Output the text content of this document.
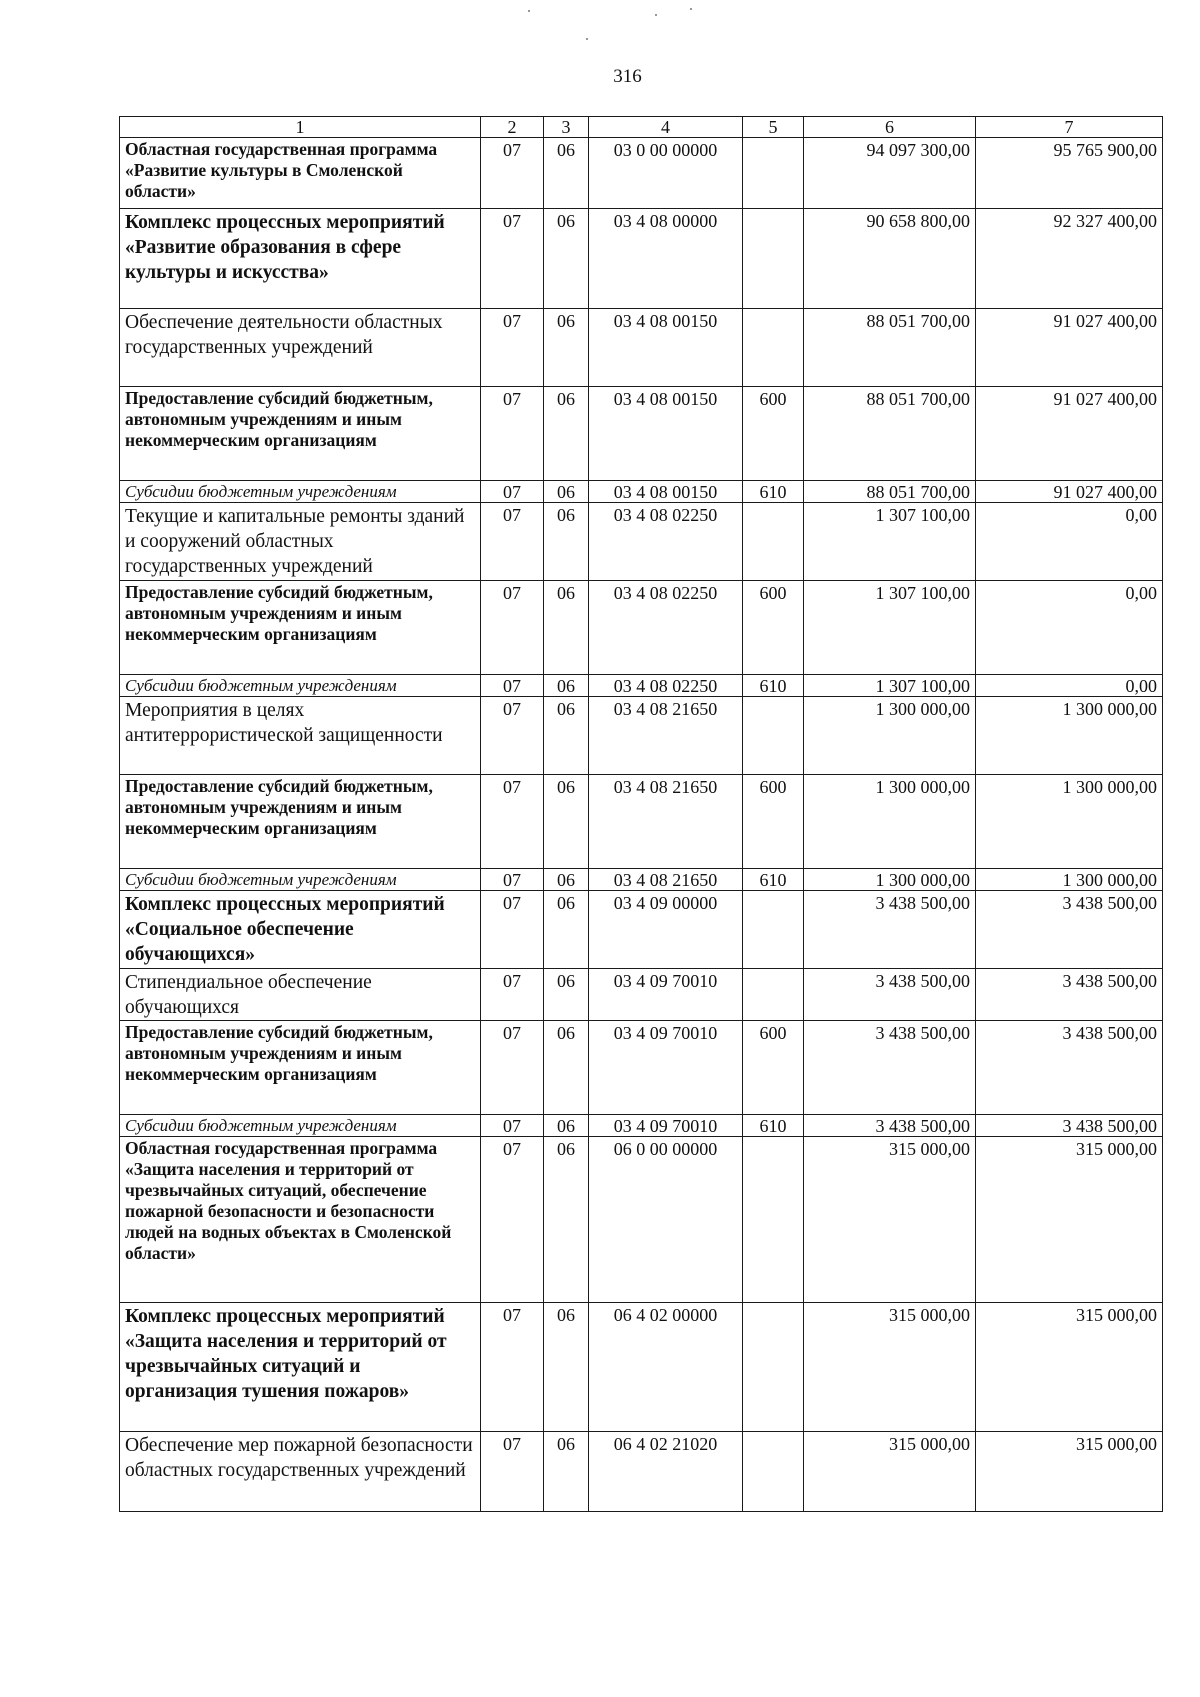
316
1	2	3	4	5	6	7
Областная государственная программа «Развитие культуры в Смоленской области»	07	06	03 0 00 00000		94 097 300,00	95 765 900,00
Комплекс процессных мероприятий «Развитие образования в сфере культуры и искусства»	07	06	03 4 08 00000		90 658 800,00	92 327 400,00
Обеспечение деятельности областных государственных учреждений	07	06	03 4 08 00150		88 051 700,00	91 027 400,00
Предоставление субсидий бюджетным, автономным учреждениям и иным некоммерческим организациям	07	06	03 4 08 00150	600	88 051 700,00	91 027 400,00
Субсидии бюджетным учреждениям	07	06	03 4 08 00150	610	88 051 700,00	91 027 400,00
Текущие и капитальные ремонты зданий и сооружений областных государственных учреждений	07	06	03 4 08 02250		1 307 100,00	0,00
Предоставление субсидий бюджетным, автономным учреждениям и иным некоммерческим организациям	07	06	03 4 08 02250	600	1 307 100,00	0,00
Субсидии бюджетным учреждениям	07	06	03 4 08 02250	610	1 307 100,00	0,00
Мероприятия в целях антитеррористической защищенности	07	06	03 4 08 21650		1 300 000,00	1 300 000,00
Предоставление субсидий бюджетным, автономным учреждениям и иным некоммерческим организациям	07	06	03 4 08 21650	600	1 300 000,00	1 300 000,00
Субсидии бюджетным учреждениям	07	06	03 4 08 21650	610	1 300 000,00	1 300 000,00
Комплекс процессных мероприятий «Социальное обеспечение обучающихся»	07	06	03 4 09 00000		3 438 500,00	3 438 500,00
Стипендиальное обеспечение обучающихся	07	06	03 4 09 70010		3 438 500,00	3 438 500,00
Предоставление субсидий бюджетным, автономным учреждениям и иным некоммерческим организациям	07	06	03 4 09 70010	600	3 438 500,00	3 438 500,00
Субсидии бюджетным учреждениям	07	06	03 4 09 70010	610	3 438 500,00	3 438 500,00
Областная государственная программа «Защита населения и территорий от чрезвычайных ситуаций, обеспечение пожарной безопасности и безопасности людей на водных объектах в Смоленской области»	07	06	06 0 00 00000		315 000,00	315 000,00
Комплекс процессных мероприятий «Защита населения и территорий от чрезвычайных ситуаций и организация тушения пожаров»	07	06	06 4 02 00000		315 000,00	315 000,00
Обеспечение мер пожарной безопасности областных государственных учреждений	07	06	06 4 02 21020		315 000,00	315 000,00
